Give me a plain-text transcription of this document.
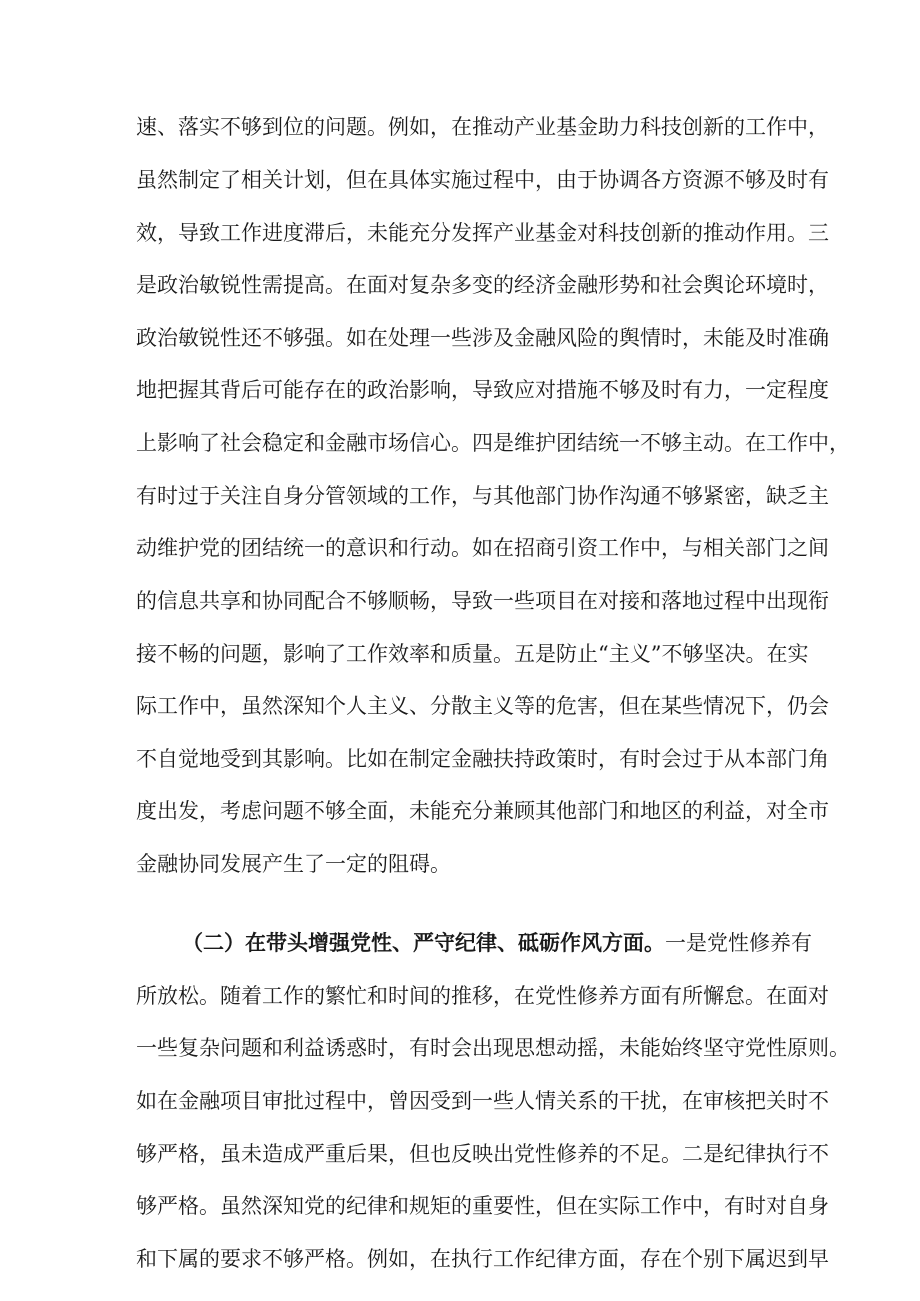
速、落实不够到位的问题。例如，在推动产业基金助力科技创新的工作中，
虽然制定了相关计划，但在具体实施过程中，由于协调各方资源不够及时有
效，导致工作进度滞后，未能充分发挥产业基金对科技创新的推动作用。三
是政治敏锐性需提高。在面对复杂多变的经济金融形势和社会舆论环境时，
政治敏锐性还不够强。如在处理一些涉及金融风险的舆情时，未能及时准确
地把握其背后可能存在的政治影响，导致应对措施不够及时有力，一定程度
上影响了社会稳定和金融市场信心。四是维护团结统一不够主动。在工作中，
有时过于关注自身分管领域的工作，与其他部门协作沟通不够紧密，缺乏主
动维护党的团结统一的意识和行动。如在招商引资工作中，与相关部门之间
的信息共享和协同配合不够顺畅，导致一些项目在对接和落地过程中出现衔
接不畅的问题，影响了工作效率和质量。五是防止“主义”不够坚决。在实
际工作中，虽然深知个人主义、分散主义等的危害，但在某些情况下，仍会
不自觉地受到其影响。比如在制定金融扶持政策时，有时会过于从本部门角
度出发，考虑问题不够全面，未能充分兼顾其他部门和地区的利益，对全市
金融协同发展产生了一定的阻碍。
（二）在带头增强党性、严守纪律、砥砺作风方面。一是党性修养有
所放松。随着工作的繁忙和时间的推移，在党性修养方面有所懈怠。在面对
一些复杂问题和利益诱惑时，有时会出现思想动摇，未能始终坚守党性原则。
如在金融项目审批过程中，曾因受到一些人情关系的干扰，在审核把关时不
够严格，虽未造成严重后果，但也反映出党性修养的不足。二是纪律执行不
够严格。虽然深知党的纪律和规矩的重要性，但在实际工作中，有时对自身
和下属的要求不够严格。例如，在执行工作纪律方面，存在个别下属迟到早
